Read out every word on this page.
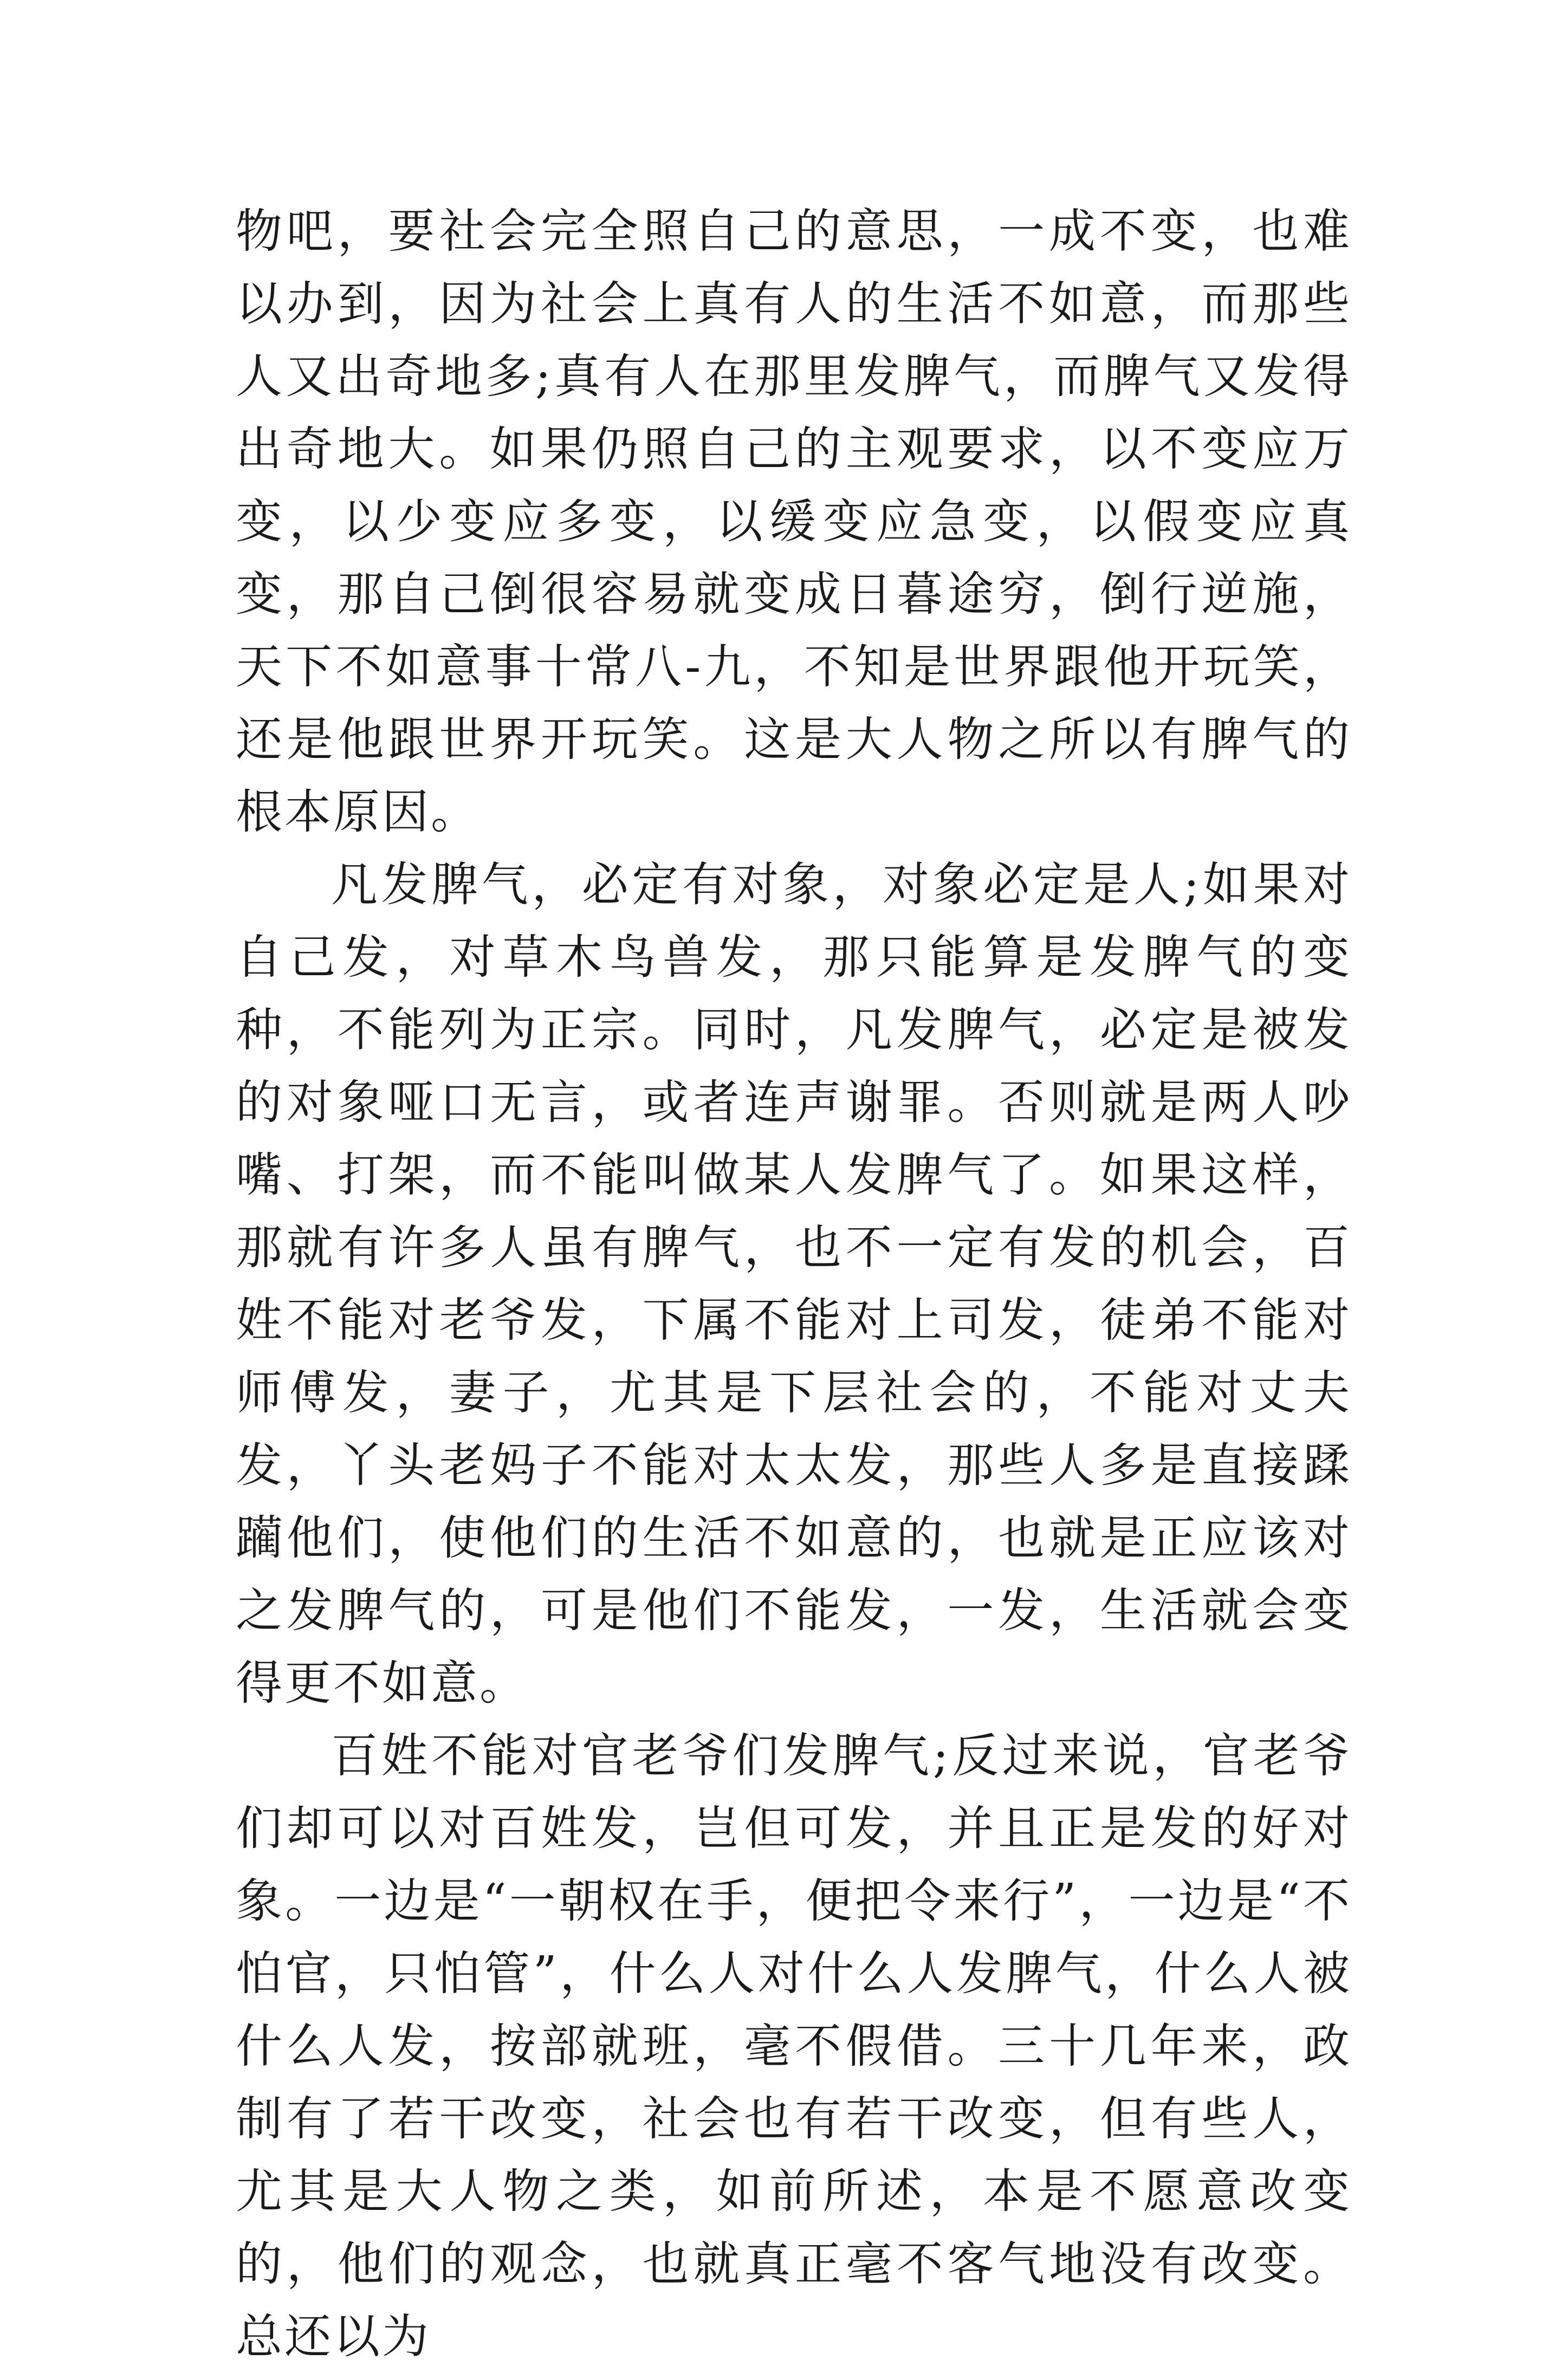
物吧，要社会完全照自己的意思，一成不变，也难以办到，因为社会上真有人的生活不如意，而那些人又出奇地多;真有人在那里发脾气，而脾气又发得出奇地大。如果仍照自己的主观要求，以不变应万变，以少变应多变，以缓变应急变，以假变应真变，那自己倒很容易就变成日暮途穷，倒行逆施，天下不如意事十常八-九，不知是世界跟他开玩笑，还是他跟世界开玩笑。这是大人物之所以有脾气的根本原因。

凡发脾气，必定有对象，对象必定是人;如果对自己发，对草木鸟兽发，那只能算是发脾气的变种，不能列为正宗。同时，凡发脾气，必定是被发的对象哑口无言，或者连声谢罪。否则就是两人吵嘴、打架，而不能叫做某人发脾气了。如果这样，那就有许多人虽有脾气，也不一定有发的机会，百姓不能对老爷发，下属不能对上司发，徒弟不能对师傅发，妻子，尤其是下层社会的，不能对丈夫发，丫头老妈子不能对太太发，那些人多是直接蹂躏他们，使他们的生活不如意的，也就是正应该对之发脾气的，可是他们不能发，一发，生活就会变得更不如意。

百姓不能对官老爷们发脾气;反过来说，官老爷们却可以对百姓发，岂但可发，并且正是发的好对象。一边是“一朝权在手，便把令来行”，一边是“不怕官，只怕管”，什么人对什么人发脾气，什么人被什么人发，按部就班，毫不假借。三十几年来，政制有了若干改变，社会也有若干改变，但有些人，尤其是大人物之类，如前所述，本是不愿意改变的，他们的观念，也就真正毫不客气地没有改变。总还以为
